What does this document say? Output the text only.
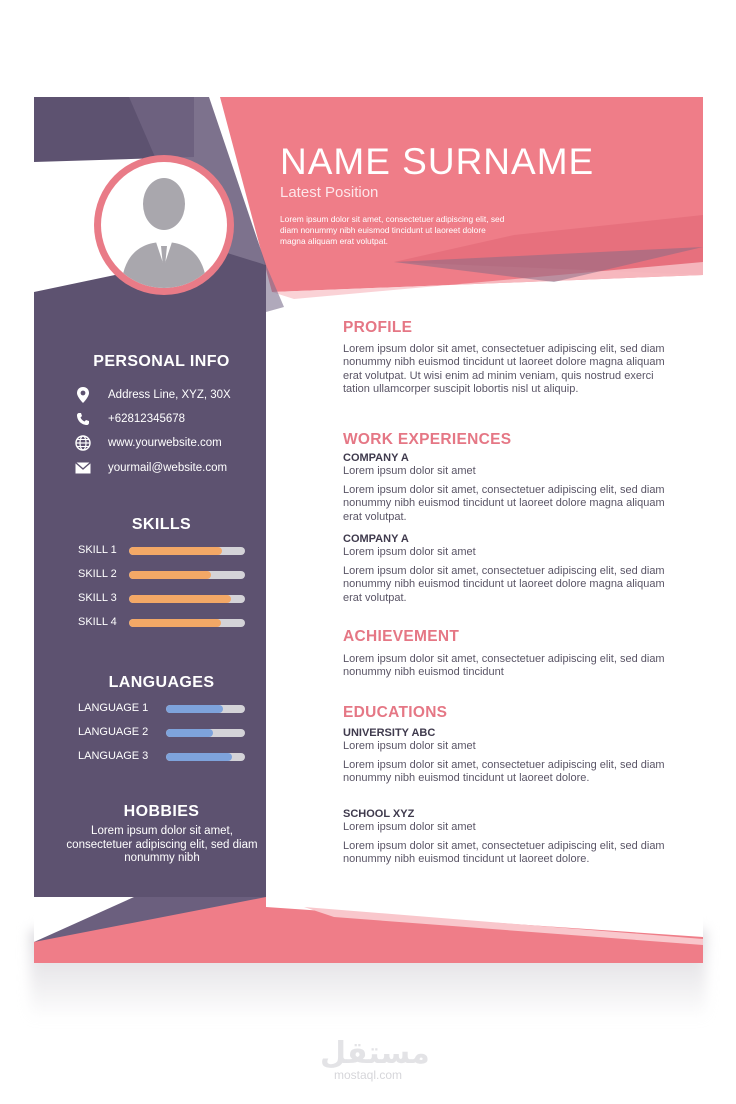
NAME SURNAME
Latest Position
Lorem ipsum dolor sit amet, consectetuer adipiscing elit, sed diam nonummy nibh euismod tincidunt ut laoreet dolore magna aliquam erat volutpat.
PERSONAL INFO
Address Line, XYZ, 30X
+62812345678
www.yourwebsite.com
yourmail@website.com
SKILLS
SKILL 1
SKILL 2
SKILL 3
SKILL 4
LANGUAGES
LANGUAGE 1
LANGUAGE 2
LANGUAGE 3
HOBBIES
Lorem ipsum dolor sit amet, consectetuer adipiscing elit, sed diam nonummy nibh
PROFILE
Lorem ipsum dolor sit amet, consectetuer adipiscing elit, sed diam nonummy nibh euismod tincidunt ut laoreet dolore magna aliquam erat volutpat. Ut wisi enim ad minim veniam, quis nostrud exerci tation ullamcorper suscipit lobortis nisl ut aliquip.
WORK EXPERIENCES
COMPANY A
Lorem ipsum dolor sit amet
Lorem ipsum dolor sit amet, consectetuer adipiscing elit, sed diam nonummy nibh euismod tincidunt ut laoreet dolore magna aliquam erat volutpat.
COMPANY A
Lorem ipsum dolor sit amet
Lorem ipsum dolor sit amet, consectetuer adipiscing elit, sed diam nonummy nibh euismod tincidunt ut laoreet dolore magna aliquam erat volutpat.
ACHIEVEMENT
Lorem ipsum dolor sit amet, consectetuer adipiscing elit, sed diam nonummy nibh euismod tincidunt
EDUCATIONS
UNIVERSITY ABC
Lorem ipsum dolor sit amet
Lorem ipsum dolor sit amet, consectetuer adipiscing elit, sed diam nonummy nibh euismod tincidunt ut laoreet dolore.
SCHOOL XYZ
Lorem ipsum dolor sit amet
Lorem ipsum dolor sit amet, consectetuer adipiscing elit, sed diam nonummy nibh euismod tincidunt ut laoreet dolore.
مستقل
mostaql.com
